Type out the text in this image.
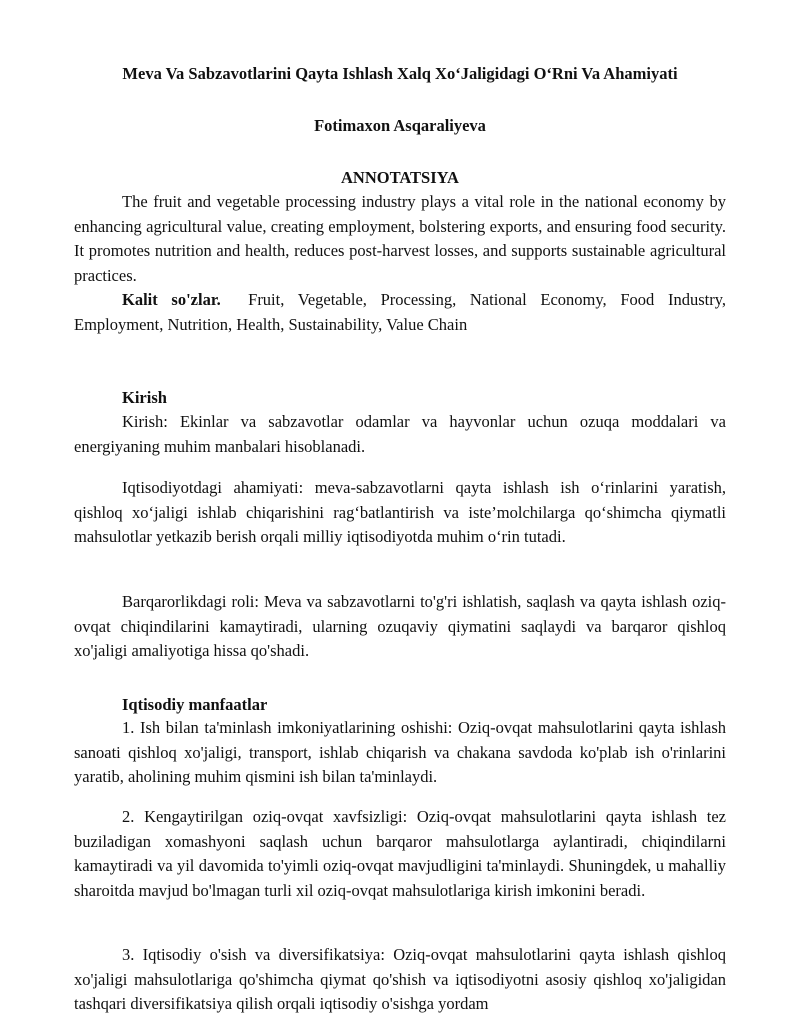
Meva Va Sabzavotlarini Qayta Ishlash Xalq Xo‘Jaligidagi O‘Rni Va Ahamiyati
Fotimaxon Asqaraliyeva
ANNOTATSIYA

The fruit and vegetable processing industry plays a vital role in the national economy by enhancing agricultural value, creating employment, bolstering exports, and ensuring food security. It promotes nutrition and health, reduces post-harvest losses, and supports sustainable agricultural practices.

Kalit so'zlar. Fruit, Vegetable, Processing, National Economy, Food Industry, Employment, Nutrition, Health, Sustainability, Value Chain

Kirish

Kirish: Ekinlar va sabzavotlar odamlar va hayvonlar uchun ozuqa moddalari va energiyaning muhim manbalari hisoblanadi.

Iqtisodiyotdagi ahamiyati: meva-sabzavotlarni qayta ishlash ish o‘rinlarini yaratish, qishloq xo‘jaligi ishlab chiqarishini rag‘batlantirish va iste’molchilarga qo‘shimcha qiymatli mahsulotlar yetkazib berish orqali milliy iqtisodiyotda muhim o‘rin tutadi.

Barqarorlikdagi roli: Meva va sabzavotlarni to'g'ri ishlatish, saqlash va qayta ishlash oziq-ovqat chiqindilarini kamaytiradi, ularning ozuqaviy qiymatini saqlaydi va barqaror qishloq xo'jaligi amaliyotiga hissa qo'shadi.

Iqtisodiy manfaatlar

1. Ish bilan ta'minlash imkoniyatlarining oshishi: Oziq-ovqat mahsulotlarini qayta ishlash sanoati qishloq xo'jaligi, transport, ishlab chiqarish va chakana savdoda ko'plab ish o'rinlarini yaratib, aholining muhim qismini ish bilan ta'minlaydi.

2. Kengaytirilgan oziq-ovqat xavfsizligi: Oziq-ovqat mahsulotlarini qayta ishlash tez buziladigan xomashyoni saqlash uchun barqaror mahsulotlarga aylantiradi, chiqindilarni kamaytiradi va yil davomida to'yimli oziq-ovqat mavjudligini ta'minlaydi. Shuningdek, u mahalliy sharoitda mavjud bo'lmagan turli xil oziq-ovqat mahsulotlariga kirish imkonini beradi.

3. Iqtisodiy o'sish va diversifikatsiya: Oziq-ovqat mahsulotlarini qayta ishlash qishloq xo'jaligi mahsulotlariga qo'shimcha qiymat qo'shish va iqtisodiyotni asosiy qishloq xo'jaligidan tashqari diversifikatsiya qilish orqali iqtisodiy o'sishga yordam
